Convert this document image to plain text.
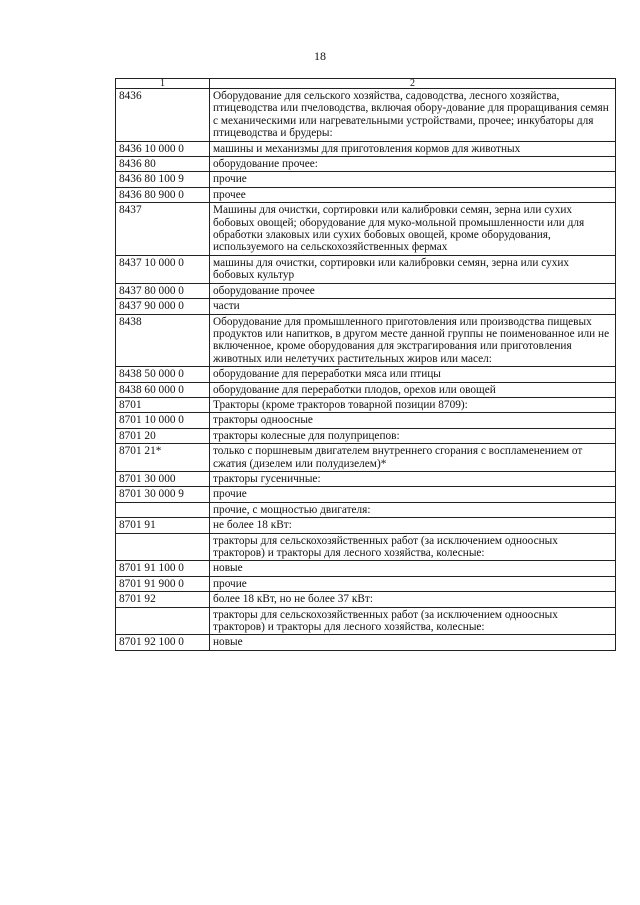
18
1	2
8436	Оборудование для сельского хозяйства, садоводства, лесного хозяйства, птицеводства или пчеловодства, включая обору-дование для проращивания семян с механическими или нагревательными устройствами, прочее; инкубаторы для птицеводства и брудеры:
8436 10 000 0	машины и механизмы для приготовления кормов для животных
8436 80	оборудование прочее:
8436 80 100 9	прочие
8436 80 900 0	прочее
8437	Машины для очистки, сортировки или калибровки семян, зерна или сухих бобовых овощей; оборудование для муко-мольной промышленности или для обработки злаковых или сухих бобовых овощей, кроме оборудования, используемого на сельскохозяйственных фермах
8437 10 000 0	машины для очистки, сортировки или калибровки семян, зерна или сухих бобовых культур
8437 80 000 0	оборудование прочее
8437 90 000 0	части
8438	Оборудование для промышленного приготовления или производства пищевых продуктов или напитков, в другом месте данной группы не поименованное или не включенное, кроме оборудования для экстрагирования или приготовления животных или нелетучих растительных жиров или масел:
8438 50 000 0	оборудование для переработки мяса или птицы
8438 60 000 0	оборудование для переработки плодов, орехов или овощей
8701	Тракторы (кроме тракторов товарной позиции 8709):
8701 10 000 0	тракторы одноосные
8701 20	тракторы колесные для полуприцепов:
8701 21*	только с поршневым двигателем внутреннего сгорания с воспламенением от сжатия (дизелем или полудизелем)*
8701 30 000	тракторы гусеничные:
8701 30 000 9	прочие
	прочие, с мощностью двигателя:
8701 91	не более 18 кВт:
	тракторы для сельскохозяйственных работ (за исключением одноосных тракторов) и тракторы для лесного хозяйства, колесные:
8701 91 100 0	новые
8701 91 900 0	прочие
8701 92	более 18 кВт, но не более 37 кВт:
	тракторы для сельскохозяйственных работ (за исключением одноосных тракторов) и тракторы для лесного хозяйства, колесные:
8701 92 100 0	новые
